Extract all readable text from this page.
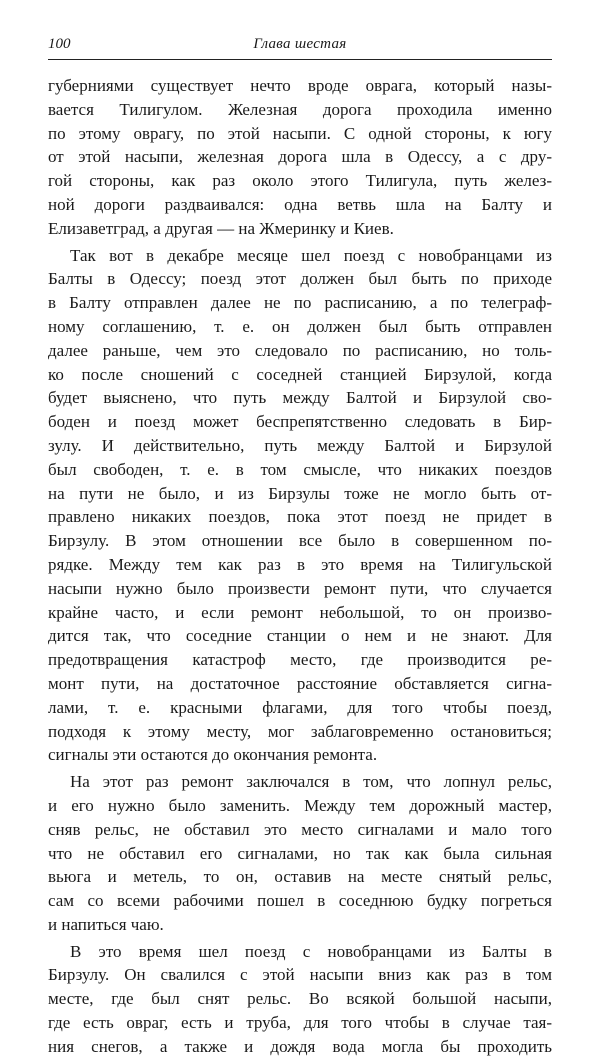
100	Глава шестая
губерниями существует нечто вроде оврага, который назы-
вается Тилигулом. Железная дорога проходила именно
по этому оврагу, по этой насыпи. С одной стороны, к югу
от этой насыпи, железная дорога шла в Одессу, а с дру-
гой стороны, как раз около этого Тилигула, путь желез-
ной дороги раздваивался: одна ветвь шла на Балту и
Елизаветград, а другая — на Жмеринку и Киев.
Так вот в декабре месяце шел поезд с новобранцами из
Балты в Одессу; поезд этот должен был быть по приходе
в Балту отправлен далее не по расписанию, а по телеграф-
ному соглашению, т. е. он должен был быть отправлен
далее раньше, чем это следовало по расписанию, но толь-
ко после сношений с соседней станцией Бирзулой, когда
будет выяснено, что путь между Балтой и Бирзулой сво-
боден и поезд может беспрепятственно следовать в Бир-
зулу. И действительно, путь между Балтой и Бирзулой
был свободен, т. е. в том смысле, что никаких поездов
на пути не было, и из Бирзулы тоже не могло быть от-
правлено никаких поездов, пока этот поезд не придет в
Бирзулу. В этом отношении все было в совершенном по-
рядке. Между тем как раз в это время на Тилигульской
насыпи нужно было произвести ремонт пути, что случается
крайне часто, и если ремонт небольшой, то он произво-
дится так, что соседние станции о нем и не знают. Для
предотвращения катастроф место, где производится ре-
монт пути, на достаточное расстояние обставляется сигна-
лами, т. е. красными флагами, для того чтобы поезд,
подходя к этому месту, мог заблаговременно остановиться;
сигналы эти остаются до окончания ремонта.
На этот раз ремонт заключался в том, что лопнул рельс,
и его нужно было заменить. Между тем дорожный мастер,
сняв рельс, не обставил это место сигналами и мало того
что не обставил его сигналами, но так как была сильная
вьюга и метель, то он, оставив на месте снятый рельс,
сам со всеми рабочими пошел в соседнюю будку погреться
и напиться чаю.
В это время шел поезд с новобранцами из Балты в
Бирзулу. Он свалился с этой насыпи вниз как раз в том
месте, где был снят рельс. Во всякой большой насыпи,
где есть овраг, есть и труба, для того чтобы в случае тая-
ния снегов, а также и дождя вода могла бы проходить
